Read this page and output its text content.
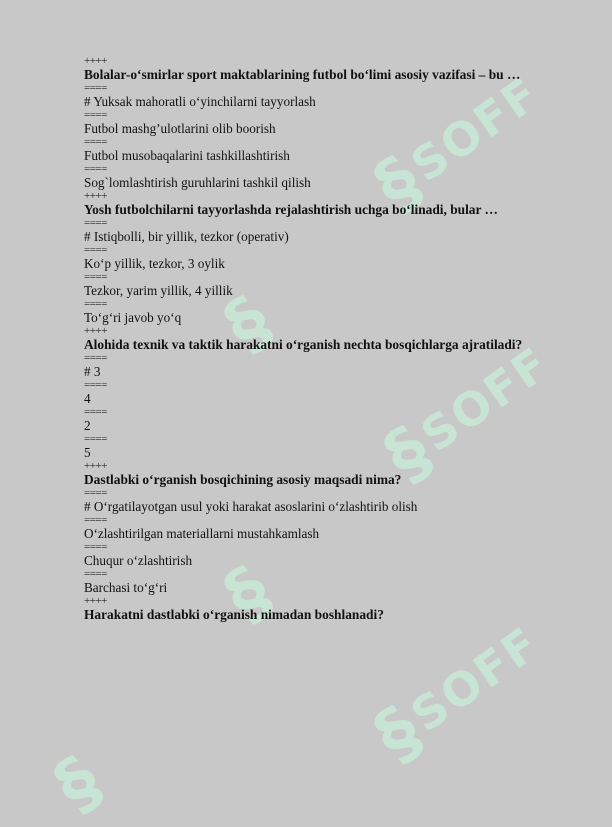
§ SOFF
§
§ SOFF
§
§ SOFF
§
++++
Bolalar-o‘smirlar sport maktablarining futbol bo‘limi asosiy vazifasi – bu …
====
# Yuksak mahoratli o‘yinchilarni tayyorlash
====
Futbol mashg’ulotlarini olib boorish
====
Futbol musobaqalarini tashkillashtirish
====
Sog`lomlashtirish guruhlarini tashkil qilish
++++
Yosh futbolchilarni tayyorlashda rejalashtirish uchga bo‘linadi, bular …
====
# Istiqbolli, bir yillik, tezkor (operativ)
====
Ko‘p yillik, tezkor, 3 oylik
====
Tezkor, yarim yillik, 4 yillik
====
To‘g‘ri javob yo‘q
++++
Alohida texnik va taktik harakatni o‘rganish nechta bosqichlarga ajratiladi?
====
# 3
====
4
====
2
====
5
++++
Dastlabki o‘rganish bosqichining asosiy maqsadi nima?
====
# O‘rgatilayotgan usul yoki harakat asoslarini o‘zlashtirib olish
====
O‘zlashtirilgan materiallarni mustahkamlash
====
Chuqur o‘zlashtirish
====
Barchasi to‘g‘ri
++++
Harakatni dastlabki o‘rganish nimadan boshlanadi?
